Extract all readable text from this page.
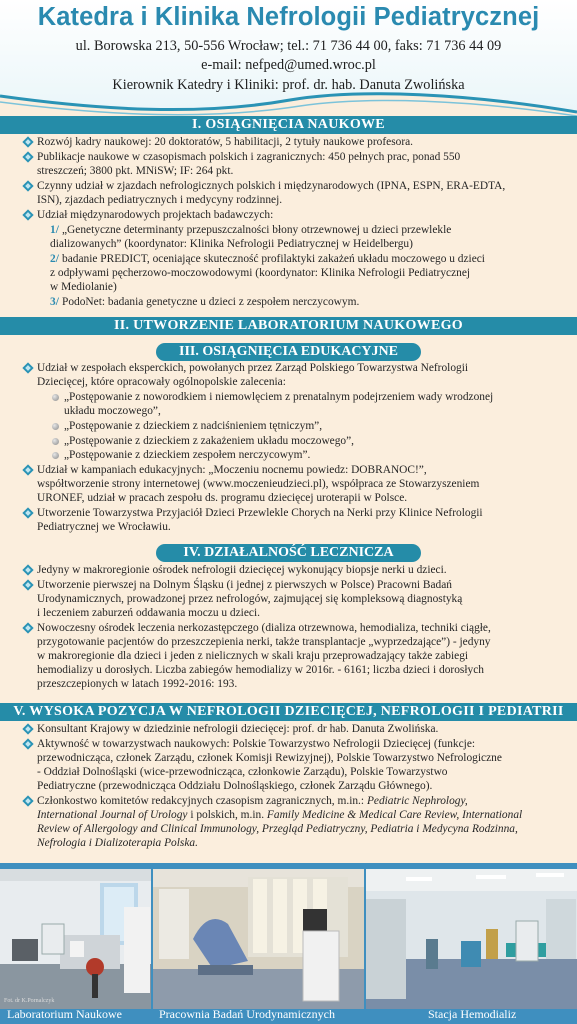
Katedra i Klinika Nefrologii Pediatrycznej
ul. Borowska 213, 50-556 Wrocław; tel.: 71 736 44 00, faks: 71 736 44 09
e-mail: nefped@umed.wroc.pl
Kierownik Katedry i Kliniki: prof. dr. hab. Danuta Zwolińska
I. OSIĄGNIĘCIA NAUKOWE
Rozwój kadry naukowej: 20 doktoratów, 5 habilitacji, 2 tytuły naukowe profesora.
Publikacje naukowe w czasopismach polskich i zagranicznych: 450 pełnych prac, ponad 550
streszczeń; 3800 pkt. MNiSW; IF: 264 pkt.
Czynny udział w zjazdach nefrologicznych polskich i międzynarodowych (IPNA, ESPN, ERA-EDTA,
ISN), zjazdach pediatrycznych i medycyny rodzinnej.
Udział międzynarodowych projektach badawczych:
1/ „Genetyczne determinanty przepuszczalności błony otrzewnowej u dzieci przewlekle
dializowanych” (koordynator: Klinika Nefrologii Pediatrycznej w Heidelbergu)
2/ badanie PREDICT, oceniające skuteczność profilaktyki zakażeń układu moczowego u dzieci
z odpływami pęcherzowo-moczowodowymi (koordynator: Klinika Nefrologii Pediatrycznej
w Mediolanie)
3/ PodoNet: badania genetyczne u dzieci z zespołem nerczycowym.
II. UTWORZENIE LABORATORIUM NAUKOWEGO
III. OSIĄGNIĘCIA EDUKACYJNE
Udział w zespołach eksperckich, powołanych przez Zarząd Polskiego Towarzystwa Nefrologii
Dziecięcej, które opracowały ogólnopolskie zalecenia:
„Postępowanie z noworodkiem i niemowlęciem z prenatalnym podejrzeniem wady wrodzonej
układu moczowego”,
„Postępowanie z dzieckiem z nadciśnieniem tętniczym”,
„Postępowanie z dzieckiem z zakażeniem układu moczowego”,
„Postępowanie z dzieckiem zespołem nerczycowym”.
Udział w kampaniach edukacyjnych: „Moczeniu nocnemu powiedz: DOBRANOC!”,
współtworzenie strony internetowej (www.moczenieudzieci.pl), współpraca ze Stowarzyszeniem
URONEF, udział w pracach zespołu ds. programu dziecięcej uroterapii w Polsce.
Utworzenie Towarzystwa Przyjaciół Dzieci Przewlekle Chorych na Nerki przy Klinice Nefrologii
Pediatrycznej we Wrocławiu.
IV. DZIAŁALNOŚĆ LECZNICZA
Jedyny w makroregionie ośrodek nefrologii dziecięcej wykonujący biopsje nerki u dzieci.
Utworzenie pierwszej na Dolnym Śląsku (i jednej z pierwszych w Polsce) Pracowni Badań
Urodynamicznych, prowadzonej przez nefrologów, zajmującej się kompleksową diagnostyką
i leczeniem zaburzeń oddawania moczu u dzieci.
Nowoczesny ośrodek leczenia nerkozastępczego (dializa otrzewnowa, hemodializa, techniki ciągłe,
przygotowanie pacjentów do przeszczepienia nerki, także transplantacje „wyprzedzające”) - jedyny
w makroregionie dla dzieci i jeden z nielicznych w skali kraju przeprowadzający także zabiegi
hemodializy u dorosłych. Liczba zabiegów hemodializy w 2016r. - 6161; liczba dzieci i dorosłych
przeszczepionych w latach 1992-2016: 193.
V. WYSOKA POZYCJA W NEFROLOGII DZIECIĘCEJ, NEFROLOGII I PEDIATRII
Konsultant Krajowy w dziedzinie nefrologii dziecięcej: prof. dr hab. Danuta Zwolińska.
Aktywność w towarzystwach naukowych: Polskie Towarzystwo Nefrologii Dziecięcej (funkcje:
przewodnicząca, członek Zarządu, członek Komisji Rewizyjnej), Polskie Towarzystwo Nefrologiczne
- Oddział Dolnośląski (wice-przewodnicząca, członkowie Zarządu), Polskie Towarzystwo
Pediatryczne (przewodnicząca Oddziału Dolnośląskiego, członek Zarządu Głównego).
Członkostwo komitetów redakcyjnych czasopism zagranicznych, m.in.: Pediatric Nephrology,
International Journal of Urology i polskich, m.in. Family Medicine & Medical Care Review, International
Review of Allergology and Clinical Immunology, Przegląd Pediatryczny, Pediatria i Medycyna Rodzinna,
Nefrologia i Dializoterapia Polska.
Fot. dr K.Pornalczyk
Laboratorium Naukowe	Pracownia Badań Urodynamicznych	Stacja Hemodializ
